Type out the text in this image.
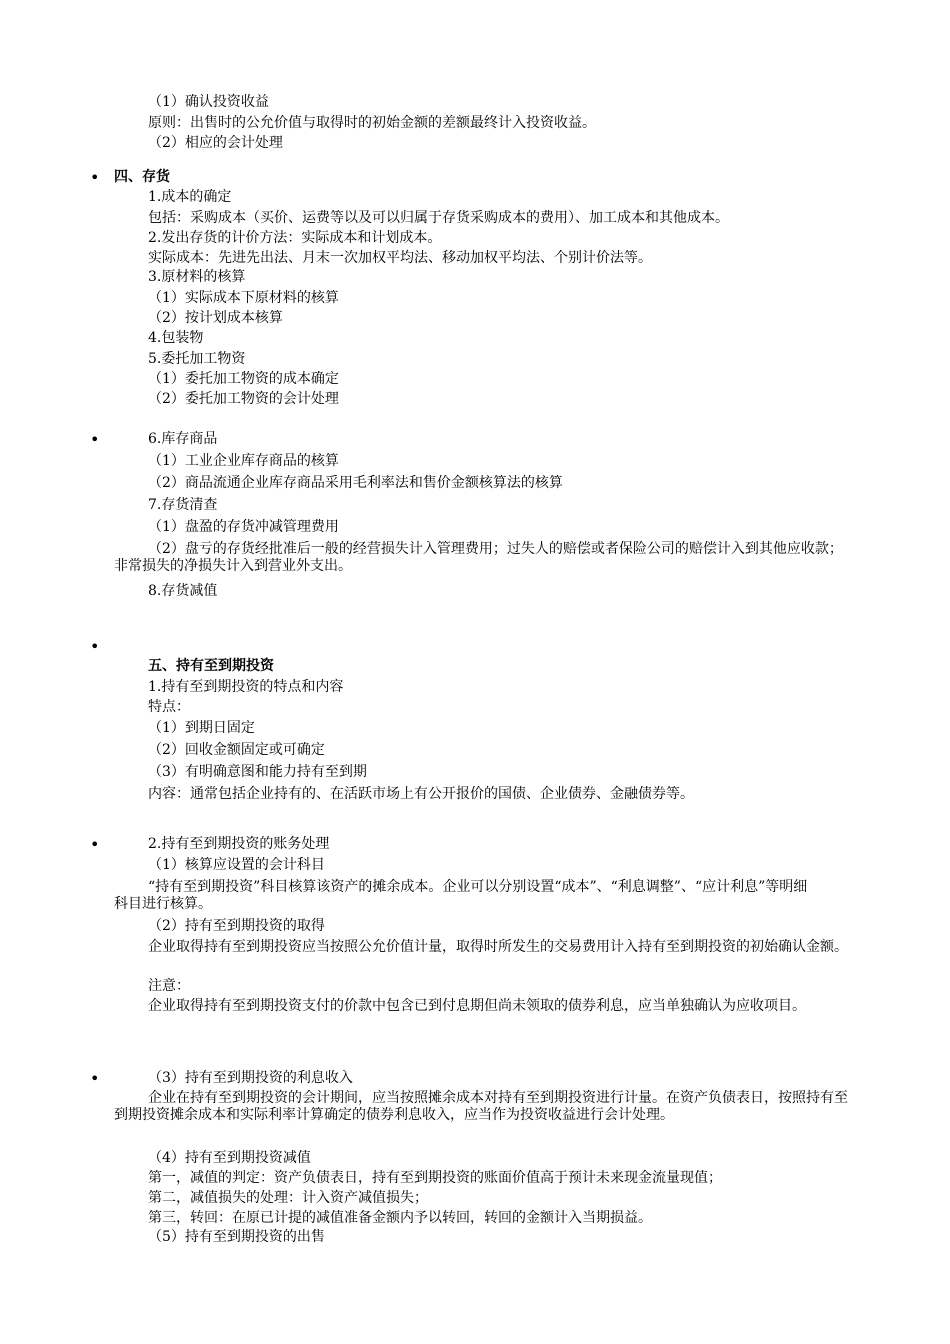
（1）确认投资收益
原则：出售时的公允价值与取得时的初始金额的差额最终计入投资收益。
（2）相应的会计处理
• 四、存货
1.成本的确定
包括：采购成本（买价、运费等以及可以归属于存货采购成本的费用）、加工成本和其他成本。
2.发出存货的计价方法：实际成本和计划成本。
实际成本：先进先出法、月末一次加权平均法、移动加权平均法、个别计价法等。
3.原材料的核算
（1）实际成本下原材料的核算
（2）按计划成本核算
4.包装物
5.委托加工物资
（1）委托加工物资的成本确定
（2）委托加工物资的会计处理
•	6.库存商品
（1）工业企业库存商品的核算
（2）商品流通企业库存商品采用毛利率法和售价金额核算法的核算
7.存货清查
（1）盘盈的存货冲减管理费用
（2）盘亏的存货经批准后一般的经营损失计入管理费用；过失人的赔偿或者保险公司的赔偿计入到其他应收款；非常损失的净损失计入到营业外支出。
8.存货减值
•
五、持有至到期投资
1.持有至到期投资的特点和内容
特点：
（1）到期日固定
（2）回收金额固定或可确定
（3）有明确意图和能力持有至到期
内容：通常包括企业持有的、在活跃市场上有公开报价的国债、企业债券、金融债券等。
•	2.持有至到期投资的账务处理
（1）核算应设置的会计科目
“持有至到期投资”科目核算该资产的摊余成本。企业可以分别设置“成本”、“利息调整”、“应计利息”等明细科目进行核算。
（2）持有至到期投资的取得
企业取得持有至到期投资应当按照公允价值计量，取得时所发生的交易费用计入持有至到期投资的初始确认金额。
注意：
企业取得持有至到期投资支付的价款中包含已到付息期但尚未领取的债券利息，应当单独确认为应收项目。
•	（3）持有至到期投资的利息收入
企业在持有至到期投资的会计期间，应当按照摊余成本对持有至到期投资进行计量。在资产负债表日，按照持有至到期投资摊余成本和实际利率计算确定的债券利息收入，应当作为投资收益进行会计处理。
（4）持有至到期投资减值
第一，减值的判定：资产负债表日，持有至到期投资的账面价值高于预计未来现金流量现值；
第二，减值损失的处理：计入资产减值损失；
第三，转回：在原已计提的减值准备金额内予以转回，转回的金额计入当期损益。
（5）持有至到期投资的出售
